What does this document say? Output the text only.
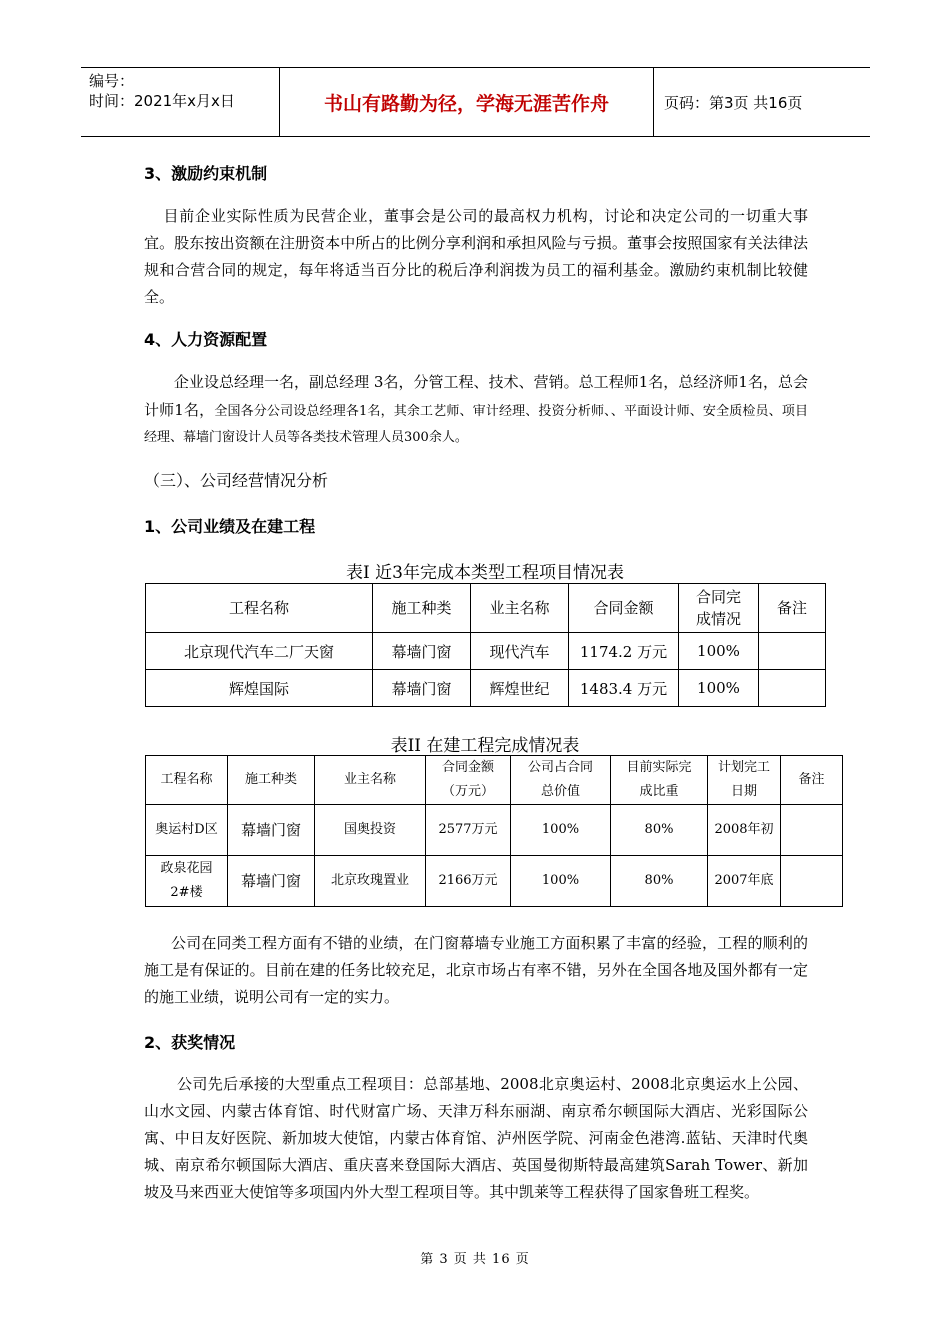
编号：
时间：2021年x月x日	书山有路勤为径，学海无涯苦作舟	页码：第3页 共16页
3、激励约束机制

目前企业实际性质为民营企业，董事会是公司的最高权力机构，讨论和决定公司的一切重大事宜。股东按出资额在注册资本中所占的比例分享利润和承担风险与亏损。董事会按照国家有关法律法规和合营合同的规定，每年将适当百分比的税后净利润拨为员工的福利基金。激励约束机制比较健全。

4、人力资源配置

企业设总经理一名，副总经理 3名，分管工程、技术、营销。总工程师1名，总经济师1名，总会计师1名，全国各分公司设总经理各1名，其余工艺师、审计经理、投资分析师、、平面设计师、安全质检员、项目经理、幕墙门窗设计人员等各类技术管理人员300余人。

（三）、公司经营情况分析
1、公司业绩及在建工程
表I 近3年完成本类型工程项目情况表
工程名称	施工种类	业主名称	合同金额	合同完成情况	备注
北京现代汽车二厂天窗	幕墙门窗	现代汽车	1174.2 万元	100%	
辉煌国际	幕墙门窗	辉煌世纪	1483.4 万元	100%	
表II 在建工程完成情况表
工程名称	施工种类	业主名称	合同金额（万元）	公司占合同总价值	目前实际完成比重	计划完工日期	备注
奥运村D区	幕墙门窗	国奥投资	2577万元	100%	80%	2008年初	
政泉花园2#楼	幕墙门窗	北京玫瑰置业	2166万元	100%	80%	2007年底	

公司在同类工程方面有不错的业绩，在门窗幕墙专业施工方面积累了丰富的经验，工程的顺利的施工是有保证的。目前在建的任务比较充足，北京市场占有率不错，另外在全国各地及国外都有一定的施工业绩，说明公司有一定的实力。

2、获奖情况

公司先后承接的大型重点工程项目：总部基地、2008北京奥运村、2008北京奥运水上公园、山水文园、内蒙古体育馆、时代财富广场、天津万科东丽湖、南京希尔顿国际大酒店、光彩国际公寓、中日友好医院、新加坡大使馆，内蒙古体育馆、泸州医学院、河南金色港湾.蓝钻、天津时代奥城、南京希尔顿国际大酒店、重庆喜来登国际大酒店、英国曼彻斯特最高建筑Sarah Tower、新加坡及马来西亚大使馆等多项国内外大型工程项目等。其中凯莱等工程获得了国家鲁班工程奖。

第 3 页 共 16 页
